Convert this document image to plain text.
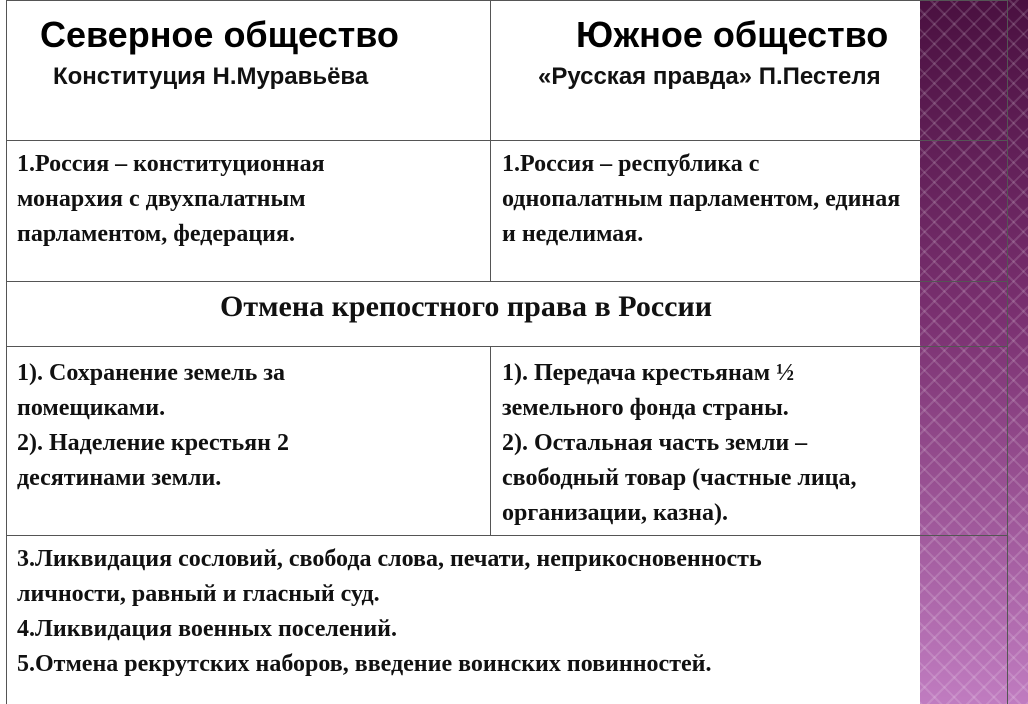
Северное общество
Конституция Н.Муравьёва
Южное общество
«Русская правда» П.Пестеля
1.Россия – конституционная
монархия с двухпалатным
парламентом, федерация.
1.Россия – республика с
однопалатным парламентом, единая
и неделимая.
Отмена крепостного права в России
1). Сохранение земель за
помещиками.
2). Наделение крестьян 2
десятинами земли.
1). Передача крестьянам ½
земельного фонда страны.
2). Остальная часть земли –
свободный товар (частные лица,
организации, казна).
3.Ликвидация сословий, свобода слова, печати, неприкосновенность
личности, равный и гласный суд.
4.Ликвидация военных поселений.
5.Отмена рекрутских наборов, введение воинских повинностей.
